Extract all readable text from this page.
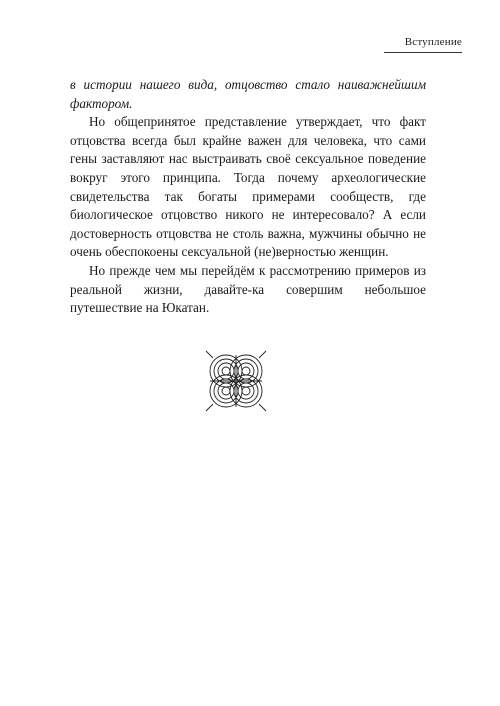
Вступление

в истории нашего вида, отцовство стало наиважнейшим фактором.

Но общепринятое представление утверждает, что факт отцовства всегда был крайне важен для человека, что сами гены заставляют нас выстраивать своё сексуальное поведение вокруг этого принципа. Тогда почему археологические свидетельства так богаты примерами сообществ, где биологическое отцовство никого не интересовало? А если достоверность отцовства не столь важна, мужчины обычно не очень обеспокоены сексуальной (не)верностью женщин.

Но прежде чем мы перейдём к рассмотрению примеров из реальной жизни, давайте-ка совершим небольшое путешествие на Юкатан.
